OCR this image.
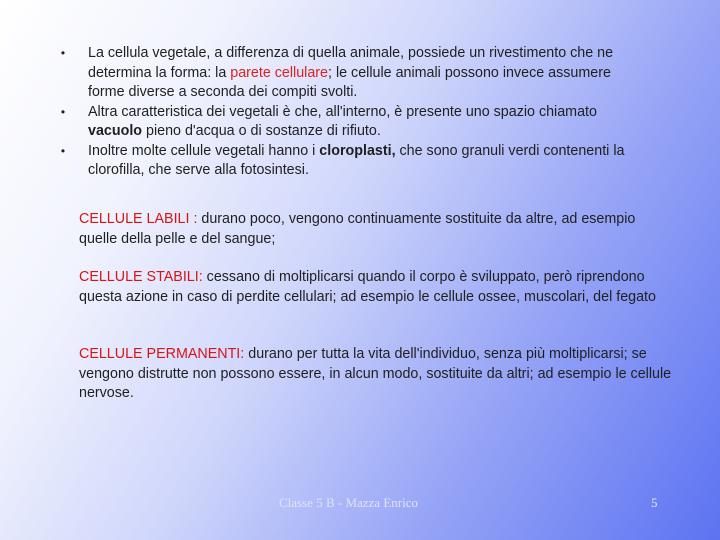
• La cellula vegetale, a differenza di quella animale, possiede un rivestimento che ne determina la forma: la parete cellulare; le cellule animali possono invece assumere forme diverse a seconda dei compiti svolti.
• Altra caratteristica dei vegetali è che, all'interno, è presente uno spazio chiamato vacuolo pieno d'acqua o di sostanze di rifiuto.
• Inoltre molte cellule vegetali hanno i cloroplasti, che sono granuli verdi contenenti la clorofilla, che serve alla fotosintesi.

CELLULE LABILI : durano poco, vengono continuamente sostituite da altre, ad esempio quelle della pelle e del sangue;

CELLULE STABILI: cessano di moltiplicarsi quando il corpo è sviluppato, però riprendono questa azione in caso di perdite cellulari; ad esempio le cellule ossee, muscolari, del fegato

CELLULE PERMANENTI: durano per tutta la vita dell'individuo, senza più moltiplicarsi; se vengono distrutte non possono essere, in alcun modo, sostituite da altri; ad esempio le cellule nervose.

Classe 5 B - Mazza Enrico	5
